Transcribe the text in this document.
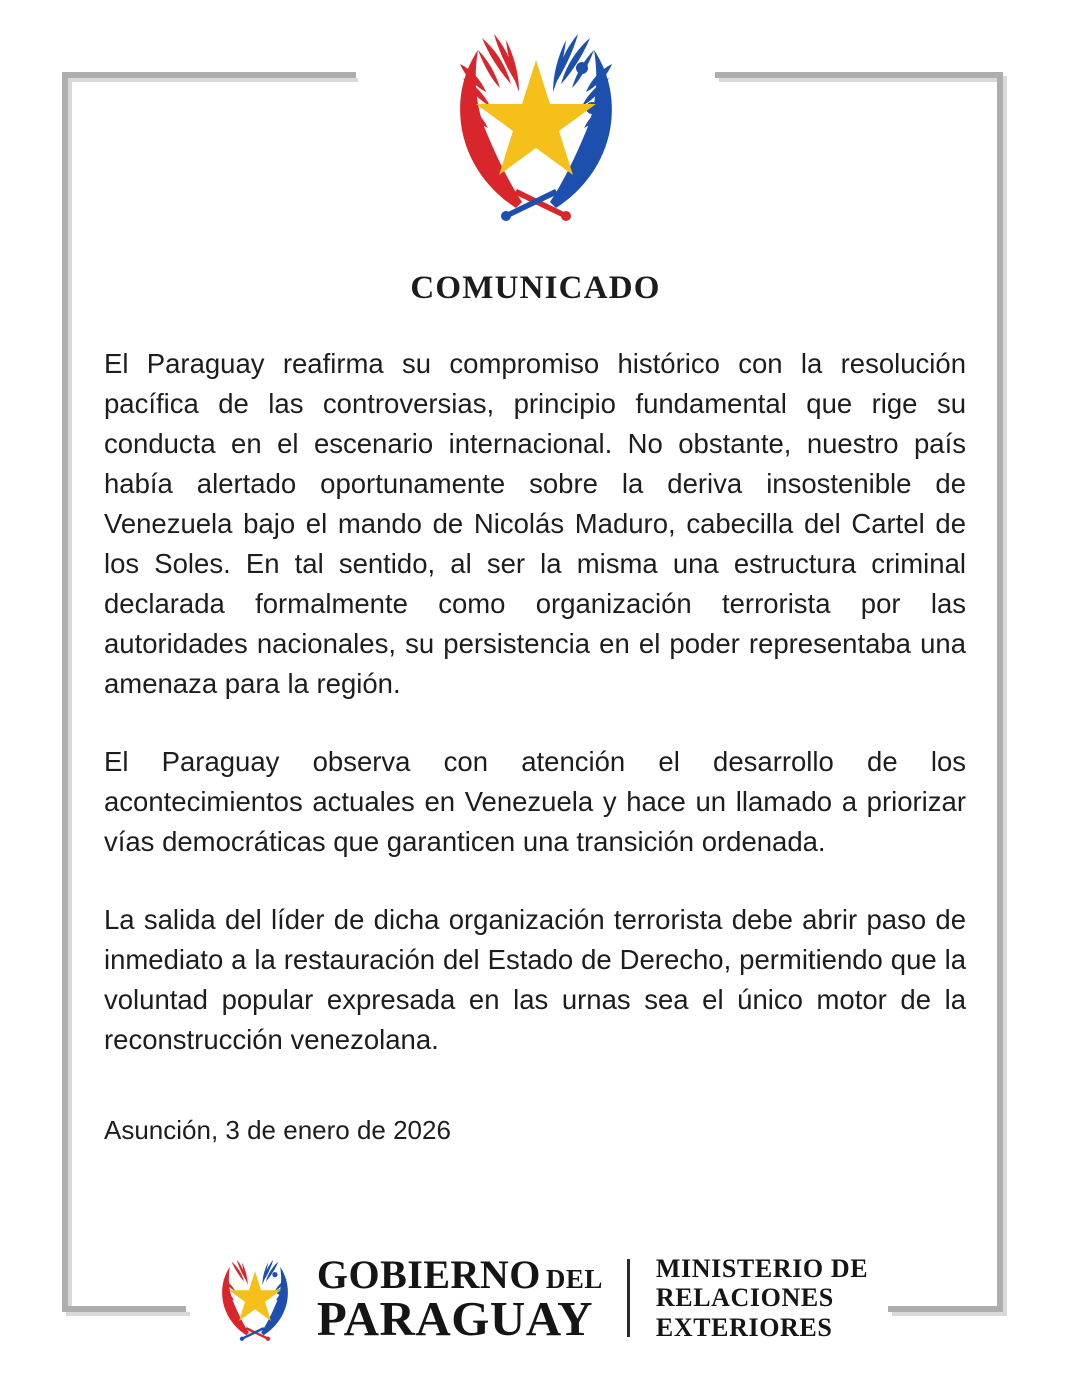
COMUNICADO

El Paraguay reafirma su compromiso histórico con la resolución pacífica de las controversias, principio fundamental que rige su conducta en el escenario internacional. No obstante, nuestro país había alertado oportunamente sobre la deriva insostenible de Venezuela bajo el mando de Nicolás Maduro, cabecilla del Cartel de los Soles. En tal sentido, al ser la misma una estructura criminal declarada formalmente como organización terrorista por las autoridades nacionales, su persistencia en el poder representaba una amenaza para la región.

El Paraguay observa con atención el desarrollo de los acontecimientos actuales en Venezuela y hace un llamado a priorizar vías democráticas que garanticen una transición ordenada.

La salida del líder de dicha organización terrorista debe abrir paso de inmediato a la restauración del Estado de Derecho, permitiendo que la voluntad popular expresada en las urnas sea el único motor de la reconstrucción venezolana.

Asunción, 3 de enero de 2026

GOBIERNO DEL
PARAGUAY
MINISTERIO DE
RELACIONES
EXTERIORES
